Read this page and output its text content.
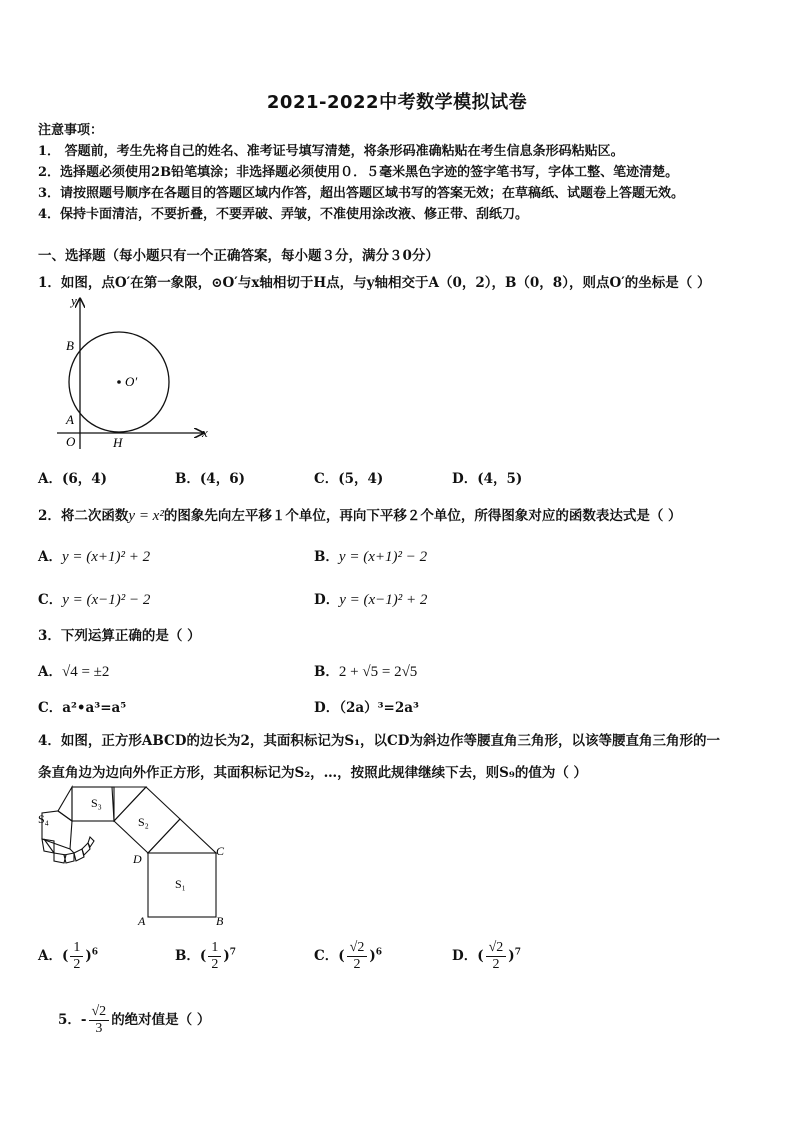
2021-2022中考数学模拟试卷
注意事项：
1． 答题前，考生先将自己的姓名、准考证号填写清楚，将条形码准确粘贴在考生信息条形码粘贴区。
2．选择题必须使用2B铅笔填涂；非选择题必须使用０．５毫米黑色字迹的签字笔书写，字体工整、笔迹清楚。
3．请按照题号顺序在各题目的答题区域内作答，超出答题区域书写的答案无效；在草稿纸、试题卷上答题无效。
4．保持卡面清洁，不要折叠，不要弄破、弄皱，不准使用涂改液、修正带、刮纸刀。
一、选择题（每小题只有一个正确答案，每小题３分，满分３0分）
1．如图，点O′在第一象限，⊙O′与x轴相切于H点，与y轴相交于A（0，2），B（0，8），则点O′的坐标是（ ）
y
x
B
A
O	H
O′
A．(6，4)	B．(4，6)	C．(5，4)	D．(4，5)
2．将二次函数y = x²的图象先向左平移１个单位，再向下平移２个单位，所得图象对应的函数表达式是（ ）
A．y = (x+1)² + 2	B．y = (x+1)² − 2
C．y = (x−1)² − 2	D．y = (x−1)² + 2
3．下列运算正确的是（ ）
A．√4 = ±2	B．2 + √5 = 2√5
C．a²•a³=a⁵	D．（2a）³=2a³
4．如图，正方形ABCD的边长为2，其面积标记为S₁，以CD为斜边作等腰直角三角形，以该等腰直角三角形的一
条直角边为边向外作正方形，其面积标记为S₂，…，按照此规律继续下去，则S₉的值为（ ）
S₁
S₂
S₃
S₄
A	B
C
D
A．( $\frac{1}{2} )^6$	B．( $\frac{1}{2} )^7$	C．( $\frac{√2}{2} )^6$	D．( $\frac{√2}{2} )^7$
5．- $\frac{√2}{3}$ 的绝对值是（ ）
